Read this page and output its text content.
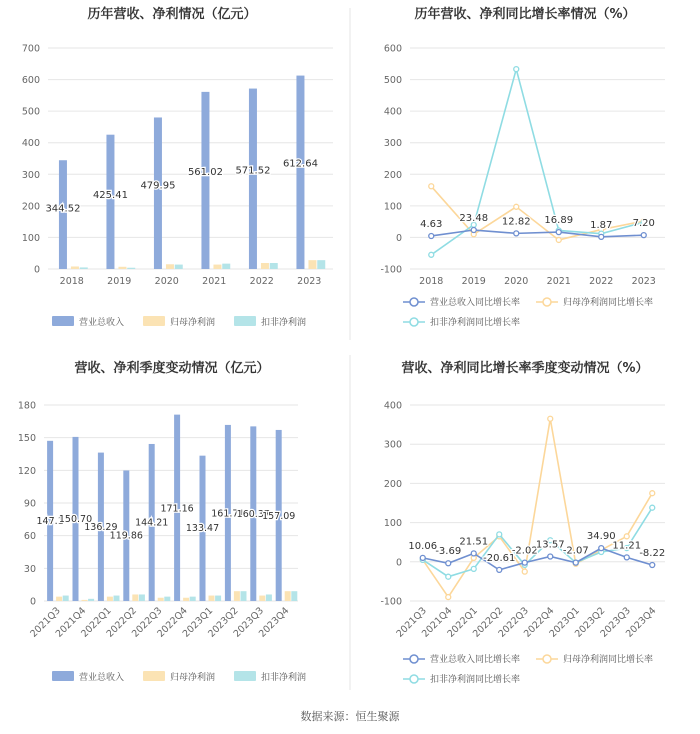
历年营收、净利情况（亿元）
0
100
200
300
400
500
600
700
2018 2019 2020 2021 2022 2023
344.52
425.41
479.95
561.02 571.52
612.64
营业总收入	归母净利润	扣非净利润
历年营收、净利同比增长率情况（%）
-100
0
100
200
300
400
500
600
2018 2019 2020 2021 2022 2023
4.63
23.48 12.82 16.89 1.87 7.20
营业总收入同比增长率	归母净利润同比增长率
扣非净利润同比增长率
营收、净利季度变动情况（亿元）
0
30
60
90
120
150
180
2021Q3
2021Q4
2022Q1
2022Q2
2022Q3
2022Q4
2023Q1
2023Q2
2023Q3
2023Q4
147.1
150.70
136.29
119.86
144.21
171.16
133.47
161.71
160.37
157.09
营业总收入	归母净利润	扣非净利润
营收、净利同比增长率季度变动情况（%）
-100
0
100
200
300
400
2021Q3
2021Q4
2022Q1
2022Q2
2022Q3
2022Q4
2023Q1
2023Q2
2023Q3
2023Q4
10.06
-3.69
21.51
-20.61
-2.02
13.57
-2.07
34.90
11.21
-8.22
营业总收入同比增长率	归母净利润同比增长率
扣非净利润同比增长率
数据来源：恒生聚源
